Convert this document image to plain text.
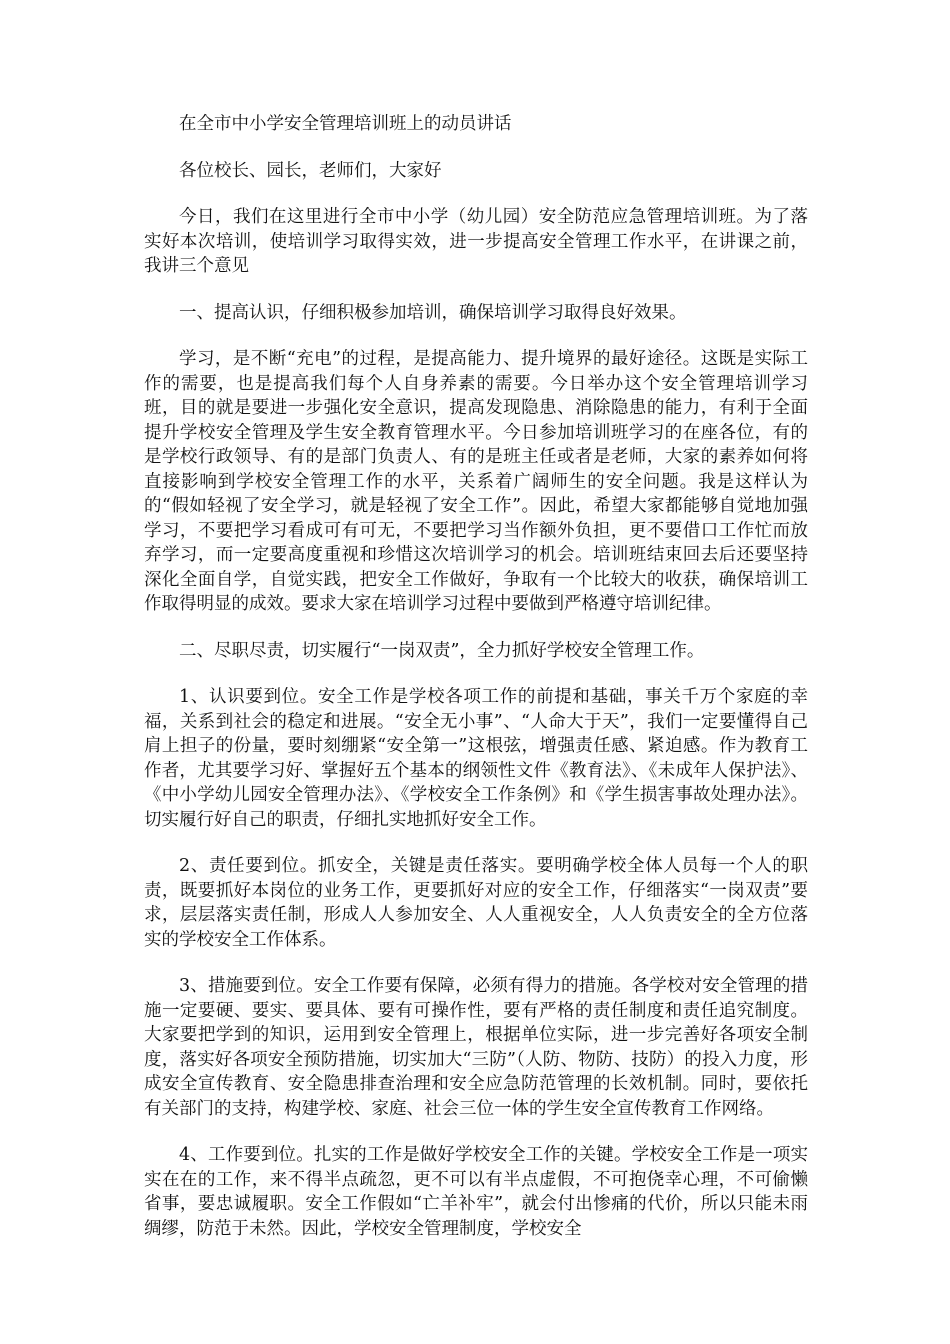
在全市中小学安全管理培训班上的动员讲话

各位校长、园长，老师们，大家好

今日，我们在这里进行全市中小学（幼儿园）安全防范应急管理培训班。为了落实好本次培训，使培训学习取得实效，进一步提高安全管理工作水平，在讲课之前，我讲三个意见

一、提高认识，仔细积极参加培训，确保培训学习取得良好效果。

学习，是不断“充电”的过程，是提高能力、提升境界的最好途径。这既是实际工作的需要，也是提高我们每个人自身养素的需要。今日举办这个安全管理培训学习班，目的就是要进一步强化安全意识，提高发现隐患、消除隐患的能力，有利于全面提升学校安全管理及学生安全教育管理水平。今日参加培训班学习的在座各位，有的是学校行政领导、有的是部门负责人、有的是班主任或者是老师，大家的素养如何将直接影响到学校安全管理工作的水平，关系着广阔师生的安全问题。我是这样认为的“假如轻视了安全学习，就是轻视了安全工作”。因此，希望大家都能够自觉地加强学习，不要把学习看成可有可无，不要把学习当作额外负担，更不要借口工作忙而放弃学习，而一定要高度重视和珍惜这次培训学习的机会。培训班结束回去后还要坚持深化全面自学，自觉实践，把安全工作做好，争取有一个比较大的收获，确保培训工作取得明显的成效。要求大家在培训学习过程中要做到严格遵守培训纪律。

二、尽职尽责，切实履行“一岗双责”，全力抓好学校安全管理工作。

1、认识要到位。安全工作是学校各项工作的前提和基础，事关千万个家庭的幸福，关系到社会的稳定和进展。“安全无小事”、“人命大于天”，我们一定要懂得自己肩上担子的份量，要时刻绷紧“安全第一”这根弦，增强责任感、紧迫感。作为教育工作者，尤其要学习好、掌握好五个基本的纲领性文件《教育法》、《未成年人保护法》、《中小学幼儿园安全管理办法》、《学校安全工作条例》和《学生损害事故处理办法》。切实履行好自己的职责，仔细扎实地抓好安全工作。

2、责任要到位。抓安全，关键是责任落实。要明确学校全体人员每一个人的职责，既要抓好本岗位的业务工作，更要抓好对应的安全工作，仔细落实“一岗双责”要求，层层落实责任制，形成人人参加安全、人人重视安全，人人负责安全的全方位落实的学校安全工作体系。

3、措施要到位。安全工作要有保障，必须有得力的措施。各学校对安全管理的措施一定要硬、要实、要具体、要有可操作性，要有严格的责任制度和责任追究制度。大家要把学到的知识，运用到安全管理上，根据单位实际，进一步完善好各项安全制度，落实好各项安全预防措施，切实加大“三防”（人防、物防、技防）的投入力度，形成安全宣传教育、安全隐患排查治理和安全应急防范管理的长效机制。同时，要依托有关部门的支持，构建学校、家庭、社会三位一体的学生安全宣传教育工作网络。

4、工作要到位。扎实的工作是做好学校安全工作的关键。学校安全工作是一项实实在在的工作，来不得半点疏忽，更不可以有半点虚假，不可抱侥幸心理，不可偷懒省事，要忠诚履职。安全工作假如“亡羊补牢”，就会付出惨痛的代价，所以只能未雨绸缪，防范于未然。因此，学校安全管理制度，学校安全
